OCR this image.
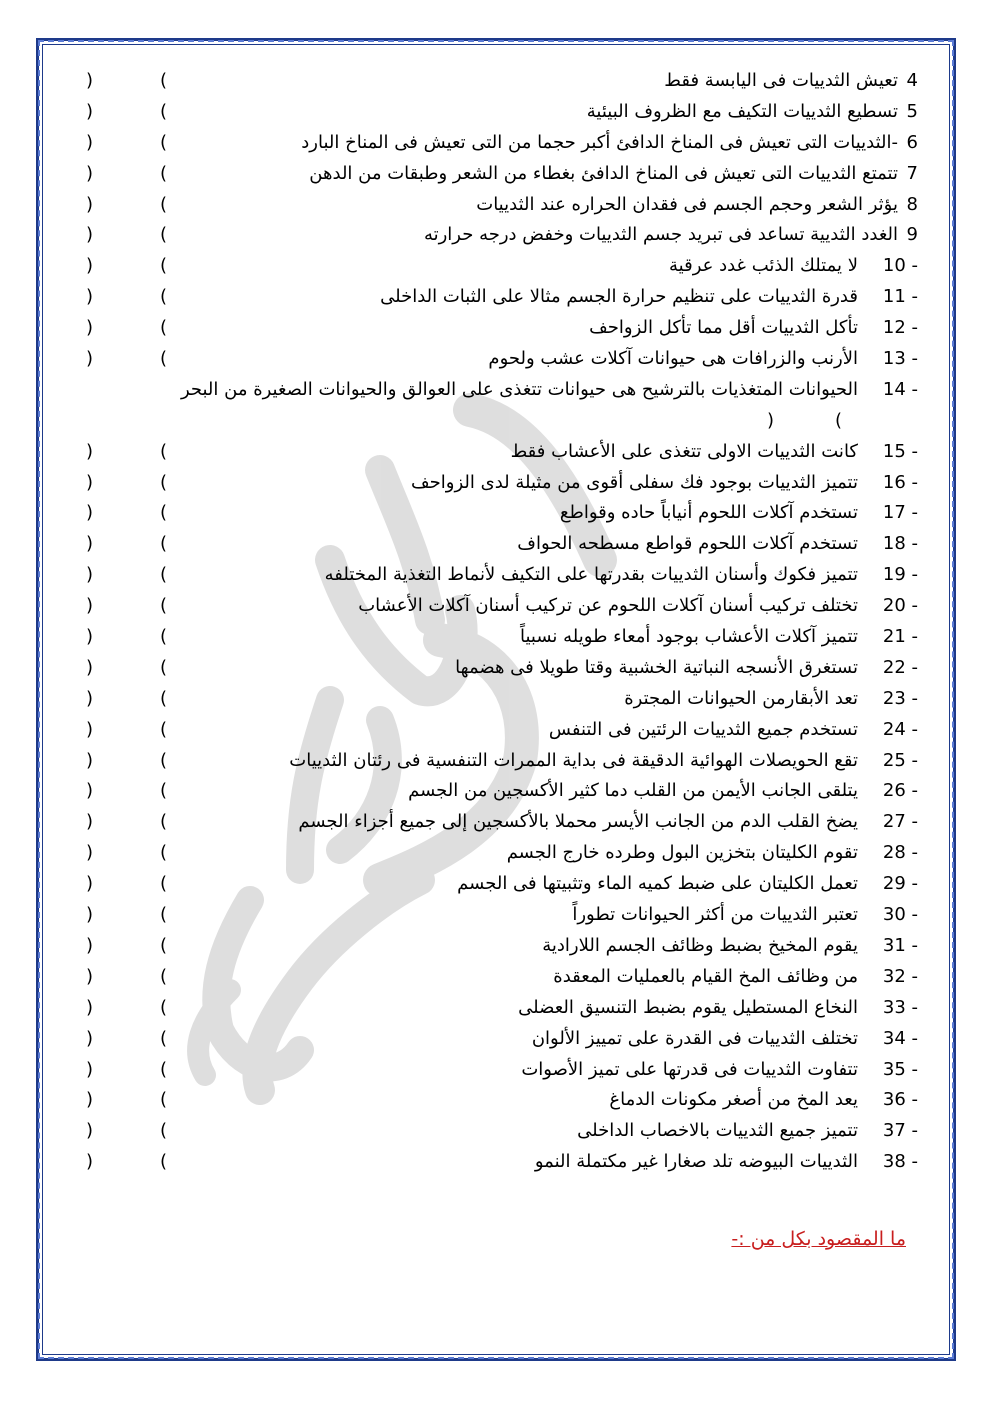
4
تعيش الثدييات فى اليابسة فقط
(
)
5
تسطيع الثدييات التكيف مع الظروف البيئية
(
)
6
-الثدييات التى تعيش فى المناخ الدافئ أكبر حجما من التى تعيش فى المناخ البارد
(
)
7
تتمتع الثدييات التى تعيش فى المناخ الدافئ بغطاء من الشعر وطبقات من الدهن
(
)
8
يؤثر الشعر وحجم الجسم فى فقدان الحراره عند الثدييات
(
)
9
الغدد الثديية تساعد فى تبريد جسم الثدييات وخفض درجه حرارته
(
)
10 -
لا يمتلك الذئب غدد عرقية
(
)
11 -
قدرة الثدييات على تنظيم حرارة الجسم مثالا على الثبات الداخلى
(
)
12 -
تأكل الثدييات أقل مما تأكل الزواحف
(
)
13 -
الأرنب والزرافات هى حيوانات آكلات عشب ولحوم
(
)
14 -
الحيوانات المتغذيات بالترشيح هى حيوانات تتغذى على العوالق والحيوانات الصغيرة من البحر
(
)
15 -
كانت الثدييات الاولى تتغذى على الأعشاب فقط
(
)
16 -
تتميز الثدييات بوجود فك سفلى أقوى من مثيلة لدى الزواحف
(
)
17 -
تستخدم آكلات اللحوم أنياباً حاده وقواطع
(
)
18 -
تستخدم آكلات اللحوم قواطع مسطحه الحواف
(
)
19 -
تتميز فكوك وأسنان الثدييات بقدرتها على التكيف لأنماط التغذية المختلفه
(
)
20 -
تختلف تركيب أسنان آكلات اللحوم عن تركيب أسنان آكلات الأعشاب
(
)
21 -
تتميز آكلات الأعشاب بوجود أمعاء طويله نسبياً
(
)
22 -
تستغرق الأنسجه النباتية الخشبية وقتا طويلا فى هضمها
(
)
23 -
تعد الأبقارمن الحيوانات المجترة
(
)
24 -
تستخدم جميع الثدييات الرئتين فى التنفس
(
)
25 -
تقع الحويصلات الهوائية الدقيقة فى بداية الممرات التنفسية فى رئتان الثدييات
(
)
26 -
يتلقى الجانب الأيمن من القلب دما كثير الأكسجين من الجسم
(
)
27 -
يضخ القلب الدم من الجانب الأيسر محملا بالأكسجين إلى جميع أجزاء الجسم
(
)
28 -
تقوم الكليتان بتخزين البول وطرده خارج الجسم
(
)
29 -
تعمل الكليتان على ضبط كميه الماء وتثبيتها فى الجسم
(
)
30 -
تعتبر الثدييات من أكثر الحيوانات تطوراً
(
)
31 -
يقوم المخيخ بضبط وظائف الجسم اللارادية
(
)
32 -
من وظائف المخ القيام بالعمليات المعقدة
(
)
33 -
النخاع المستطيل يقوم بضبط التنسيق العضلى
(
)
34 -
تختلف الثدييات فى القدرة على تمييز الألوان
(
)
35 -
تتفاوت الثدييات فى قدرتها على تميز الأصوات
(
)
36 -
يعد المخ من أصغر مكونات الدماغ
(
)
37 -
تتميز جميع الثدييات بالاخصاب الداخلى
(
)
38 -
الثدييات البيوضه تلد صغارا غير مكتملة النمو
(
)
ما المقصود بكل من :-
